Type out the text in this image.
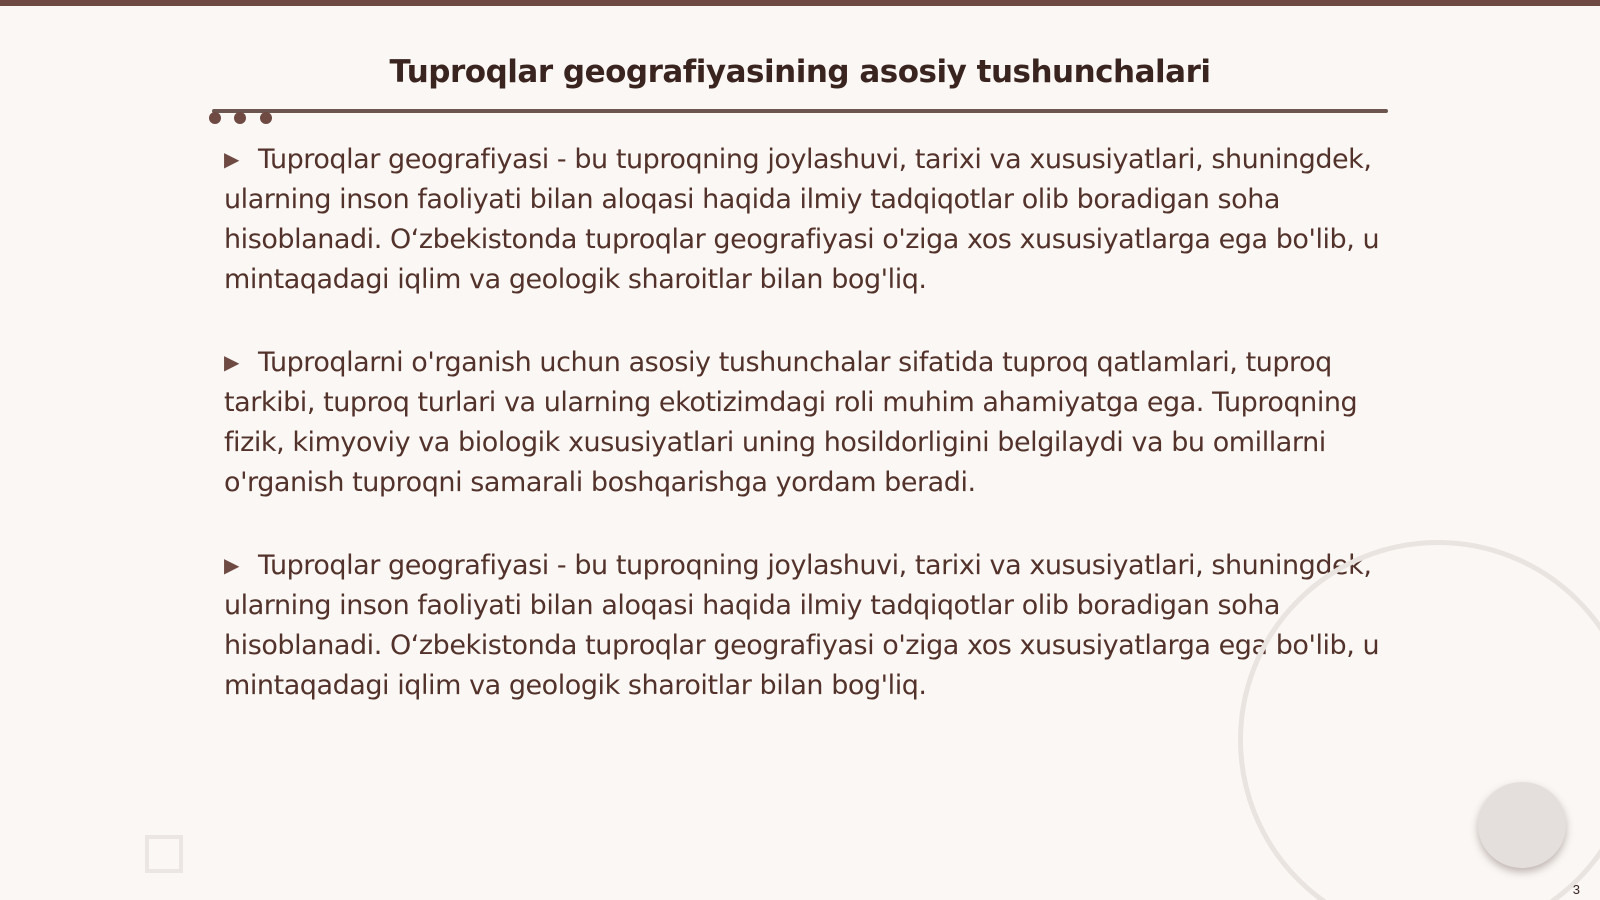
Tuproqlar geografiyasining asosiy tushunchalari

▶ Tuproqlar geografiyasi - bu tuproqning joylashuvi, tarixi va xususiyatlari, shuningdek, ularning inson faoliyati bilan aloqasi haqida ilmiy tadqiqotlar olib boradigan soha hisoblanadi. O‘zbekistonda tuproqlar geografiyasi o'ziga xos xususiyatlarga ega bo'lib, u mintaqadagi iqlim va geologik sharoitlar bilan bog'liq.

▶ Tuproqlarni o'rganish uchun asosiy tushunchalar sifatida tuproq qatlamlari, tuproq tarkibi, tuproq turlari va ularning ekotizimdagi roli muhim ahamiyatga ega. Tuproqning fizik, kimyoviy va biologik xususiyatlari uning hosildorligini belgilaydi va bu omillarni o'rganish tuproqni samarali boshqarishga yordam beradi.

▶ Tuproqlar geografiyasi - bu tuproqning joylashuvi, tarixi va xususiyatlari, shuningdek, ularning inson faoliyati bilan aloqasi haqida ilmiy tadqiqotlar olib boradigan soha hisoblanadi. O‘zbekistonda tuproqlar geografiyasi o'ziga xos xususiyatlarga ega bo'lib, u mintaqadagi iqlim va geologik sharoitlar bilan bog'liq.

3
